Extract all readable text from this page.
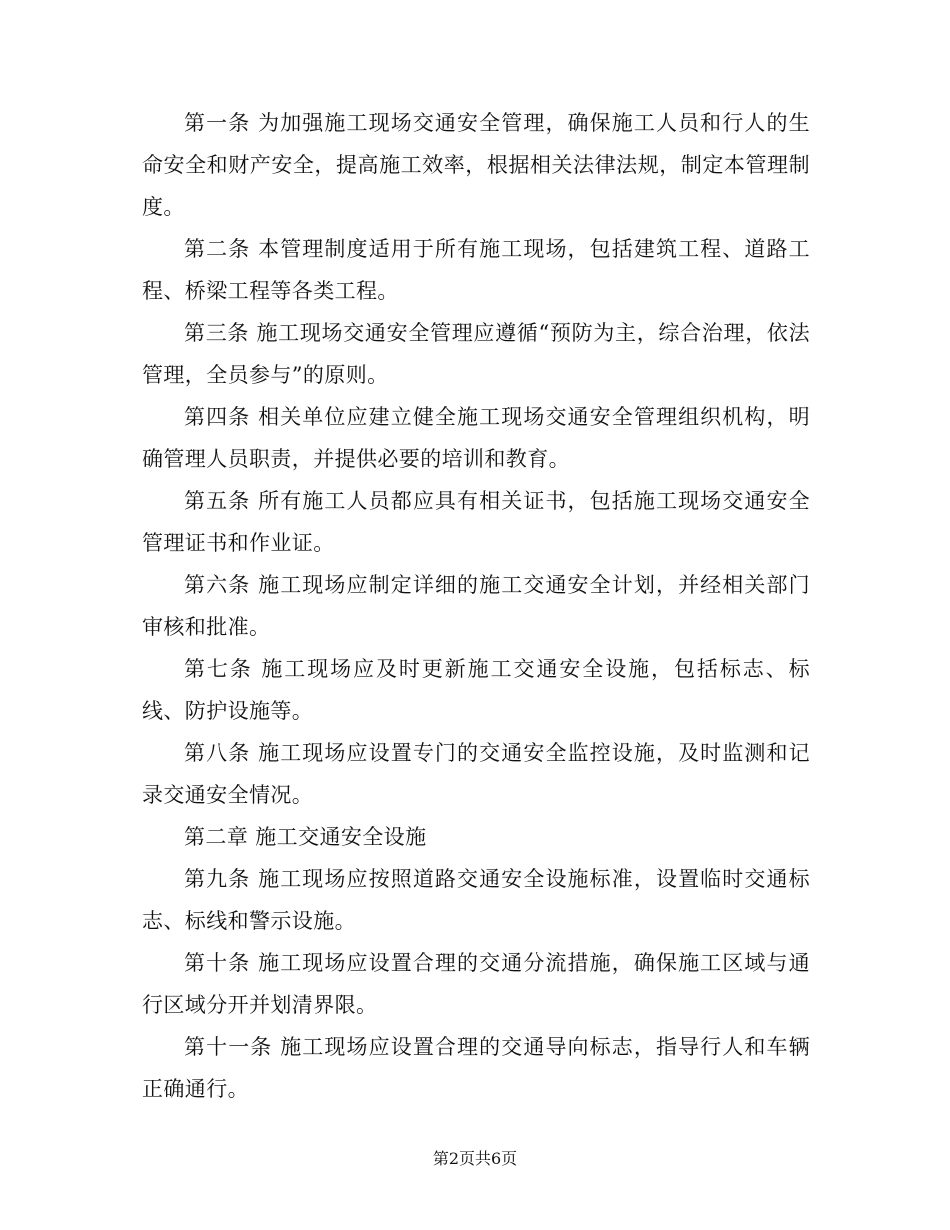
第一条 为加强施工现场交通安全管理，确保施工人员和行人的生命安全和财产安全，提高施工效率，根据相关法律法规，制定本管理制度。

第二条 本管理制度适用于所有施工现场，包括建筑工程、道路工程、桥梁工程等各类工程。

第三条 施工现场交通安全管理应遵循“预防为主，综合治理，依法管理，全员参与”的原则。

第四条 相关单位应建立健全施工现场交通安全管理组织机构，明确管理人员职责，并提供必要的培训和教育。

第五条 所有施工人员都应具有相关证书，包括施工现场交通安全管理证书和作业证。

第六条 施工现场应制定详细的施工交通安全计划，并经相关部门审核和批准。

第七条 施工现场应及时更新施工交通安全设施，包括标志、标线、防护设施等。

第八条 施工现场应设置专门的交通安全监控设施，及时监测和记录交通安全情况。

第二章 施工交通安全设施

第九条 施工现场应按照道路交通安全设施标准，设置临时交通标志、标线和警示设施。

第十条 施工现场应设置合理的交通分流措施，确保施工区域与通行区域分开并划清界限。

第十一条 施工现场应设置合理的交通导向标志，指导行人和车辆正确通行。

第2页共6页
